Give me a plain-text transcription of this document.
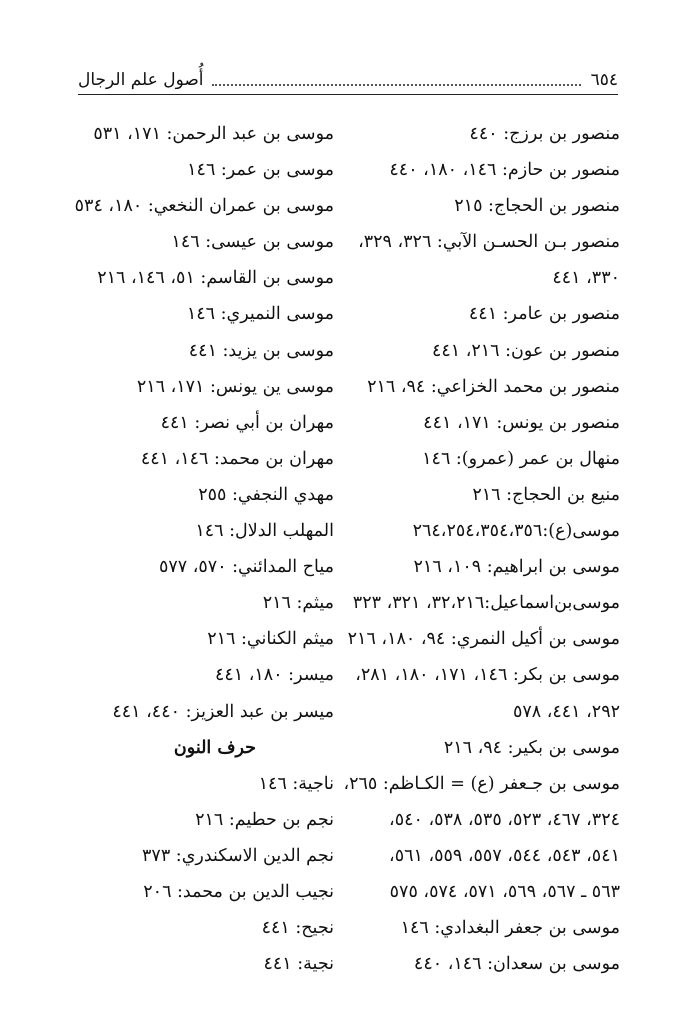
٦٥٤
أُصول علم الرجال
منصور بن برزج: ٤٤٠
منصور بن حازم: ١٤٦، ١٨٠، ٤٤٠
منصور بن الحجاج: ٢١٥
منصور بـن الحسـن الآبي: ٣٢٦، ٣٢٩،
٣٣٠، ٤٤١
منصور بن عامر: ٤٤١
منصور بن عون: ٢١٦، ٤٤١
منصور بن محمد الخزاعي: ٩٤، ٢١٦
منصور بن يونس: ١٧١، ٤٤١
منهال بن عمر (عمرو): ١٤٦
منيع بن الحجاج: ٢١٦
موسى(ع):٢٦٤،٢٥٤،٣٥٤،٣٥٦
موسى بن ابراهيم: ١٠٩، ٢١٦
موسى‌بن‌اسماعيل:٣٢،٢١٦، ٣٢١، ٣٢٣
موسى بن أكيل النمري: ٩٤، ١٨٠، ٢١٦
موسى بن بكر: ١٤٦، ١٧١، ١٨٠، ٢٨١،
٢٩٢، ٤٤١، ٥٧٨
موسى بن بكير: ٩٤، ٢١٦
موسى بن جـعفر (ع) = الكـاظم: ٢٦٥،
٣٢٤، ٤٦٧، ٥٢٣، ٥٣٥، ٥٣٨، ٥٤٠،
٥٤١، ٥٤٣، ٥٤٤، ٥٥٧، ٥٥٩، ٥٦١،
٥٦٣ ـ ٥٦٧، ٥٦٩، ٥٧١، ٥٧٤، ٥٧٥
موسى بن جعفر البغدادي: ١٤٦
موسى بن سعدان: ١٤٦، ٤٤٠
موسى بن عبد الرحمن: ١٧١، ٥٣١
موسى بن عمر: ١٤٦
موسى بن عمران النخعي: ١٨٠، ٥٣٤
موسى بن عيسى: ١٤٦
موسى بن القاسم: ٥١، ١٤٦، ٢١٦
موسى النميري: ١٤٦
موسى بن يزيد: ٤٤١
موسى ين يونس: ١٧١، ٢١٦
مهران بن أبي نصر: ٤٤١
مهران بن محمد: ١٤٦، ٤٤١
مهدي النجفي: ٢٥٥
المهلب الدلال: ١٤٦
مياح المدائني: ٥٧٠، ٥٧٧
ميثم: ٢١٦
ميثم الكناني: ٢١٦
ميسر: ١٨٠، ٤٤١
ميسر بن عبد العزيز: ٤٤٠، ٤٤١
حرف النون
ناجية: ١٤٦
نجم بن حطيم: ٢١٦
نجم الدين الاسكندري: ٣٧٣
نجيب الدين بن محمد: ٢٠٦
نجيح: ٤٤١
نجية: ٤٤١
